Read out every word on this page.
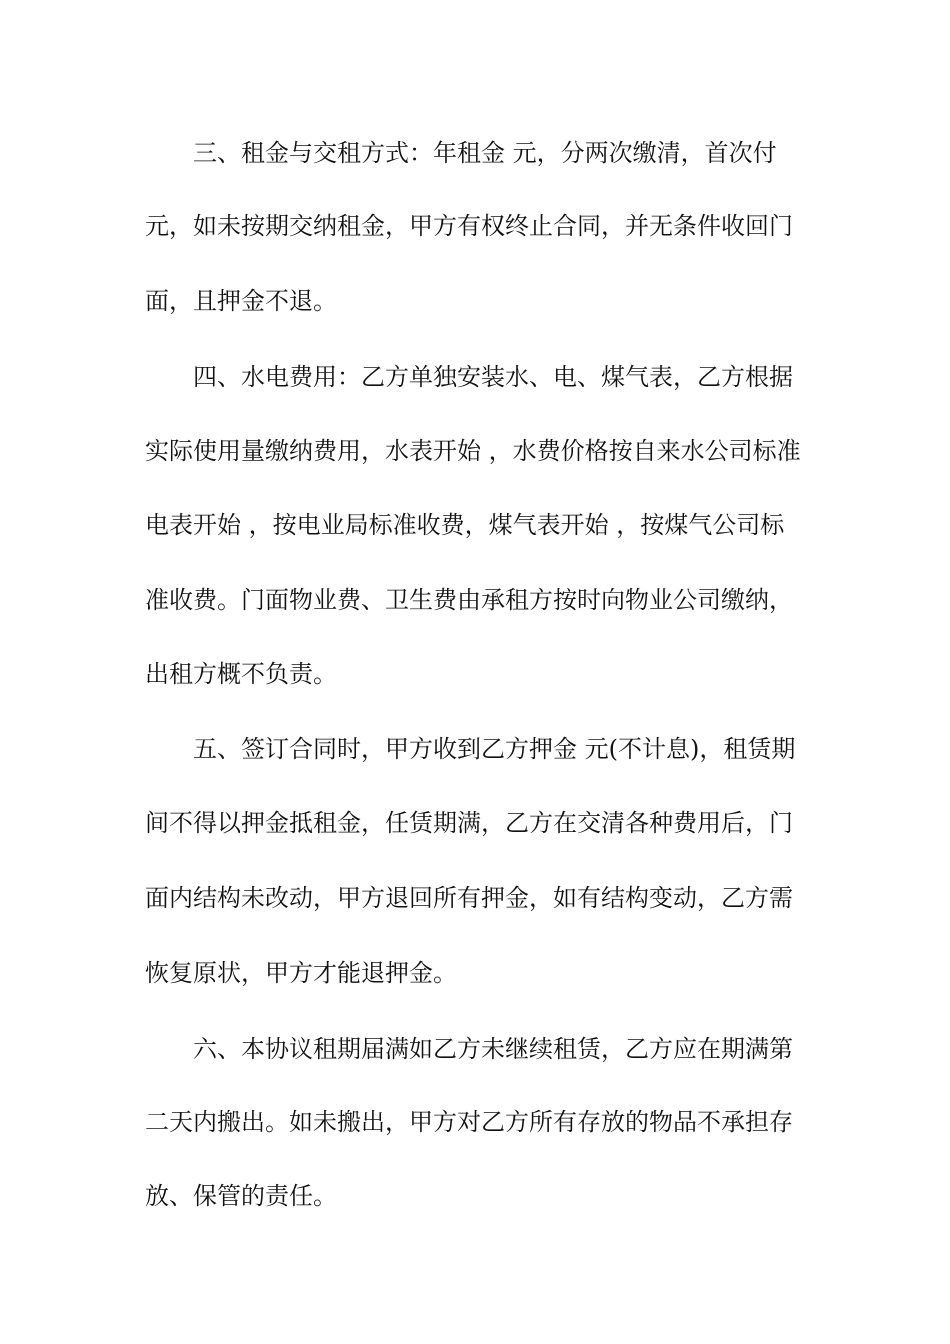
三、租金与交租方式：年租金 元，分两次缴清，首次付
元，如未按期交纳租金，甲方有权终止合同，并无条件收回门
面，且押金不退。
四、水电费用：乙方单独安装水、电、煤气表，乙方根据
实际使用量缴纳费用，水表开始 ，水费价格按自来水公司标准
电表开始 ，按电业局标准收费，煤气表开始 ，按煤气公司标
准收费。门面物业费、卫生费由承租方按时向物业公司缴纳，
出租方概不负责。
五、签订合同时，甲方收到乙方押金 元(不计息)，租赁期
间不得以押金抵租金，任赁期满，乙方在交清各种费用后，门
面内结构未改动，甲方退回所有押金，如有结构变动，乙方需
恢复原状，甲方才能退押金。
六、本协议租期届满如乙方未继续租赁，乙方应在期满第
二天内搬出。如未搬出，甲方对乙方所有存放的物品不承担存
放、保管的责任。
